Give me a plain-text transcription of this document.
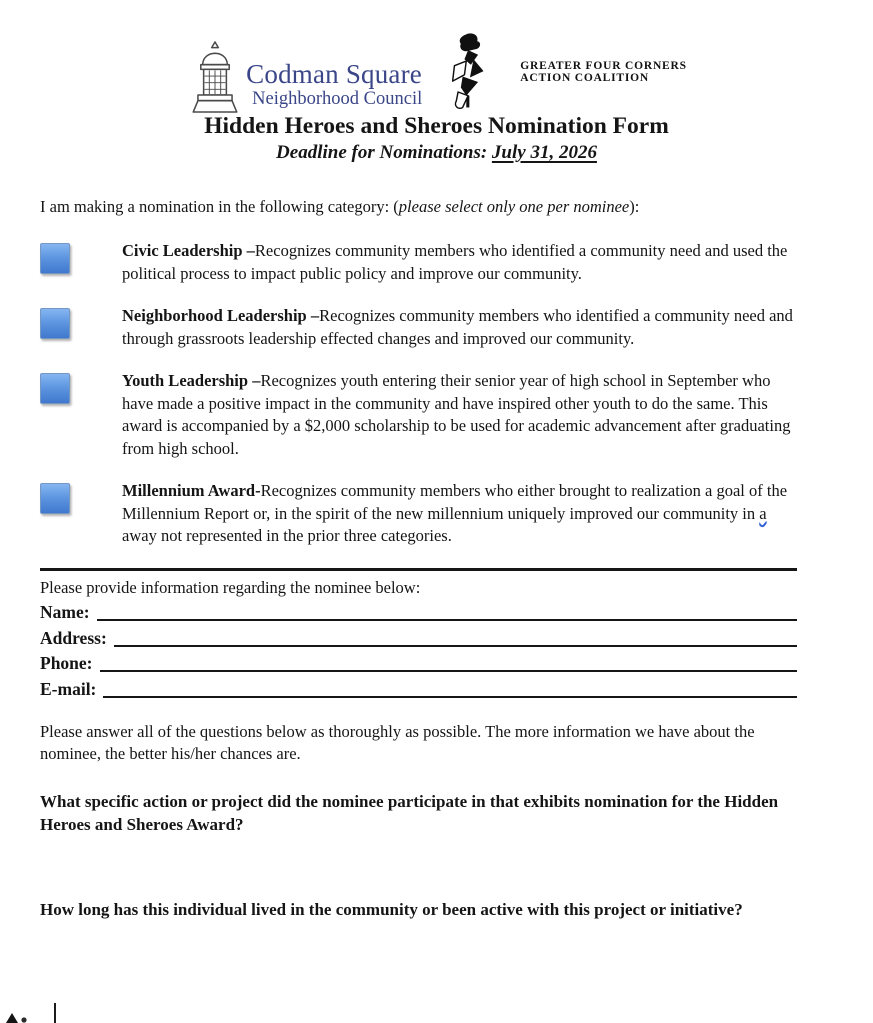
Codman Square
Neighborhood Council
GREATER FOUR CORNERS
ACTION COALITION
Hidden Heroes and Sheroes Nomination Form
Deadline for Nominations: July 31, 2026

I am making a nomination in the following category: (please select only one per nominee):

Civic Leadership –Recognizes community members who identified a community need and used the political process to impact public policy and improve our community.
Neighborhood Leadership –Recognizes community members who identified a community need and through grassroots leadership effected changes and improved our community.
Youth Leadership –Recognizes youth entering their senior year of high school in September who have made a positive impact in the community and have inspired other youth to do the same. This award is accompanied by a $2,000 scholarship to be used for academic advancement after graduating from high school.
Millennium Award-Recognizes community members who either brought to realization a goal of the Millennium Report or, in the spirit of the new millennium uniquely improved our community in a away not represented in the prior three categories.

Please provide information regarding the nominee below:

Name:
Address:
Phone:
E-mail:

Please answer all of the questions below as thoroughly as possible. The more information we have about the nominee, the better his/her chances are.

What specific action or project did the nominee participate in that exhibits nomination for the Hidden Heroes and Sheroes Award?

How long has this individual lived in the community or been active with this project or initiative?
